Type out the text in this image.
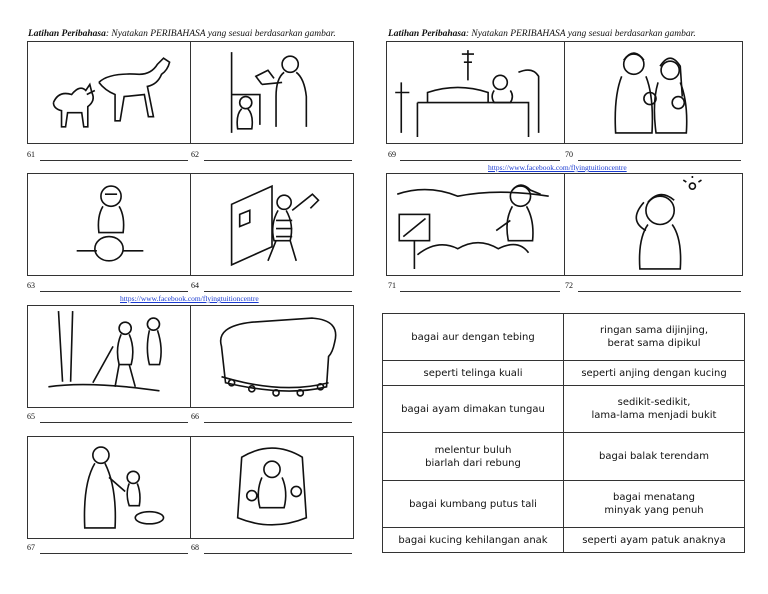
Latihan Peribahasa: Nyatakan PERIBAHASA yang sesuai berdasarkan gambar.	Latihan Peribahasa: Nyatakan PERIBAHASA yang sesuai berdasarkan gambar.
61	62
63	64
https://www.facebook.com/flyingtuitioncentre
65	66
67	68
69	70
https://www.facebook.com/flyingtuitioncentre
71	72
bagai aur dengan tebing	ringan sama dijinjing,
berat sama dipikul
seperti telinga kuali	seperti anjing dengan kucing
bagai ayam dimakan tungau	sedikit-sedikit,
lama-lama menjadi bukit
melentur buluh
biarlah dari rebung	bagai balak terendam
bagai kumbang putus tali	bagai menatang
minyak yang penuh
bagai kucing kehilangan anak	seperti ayam patuk anaknya
